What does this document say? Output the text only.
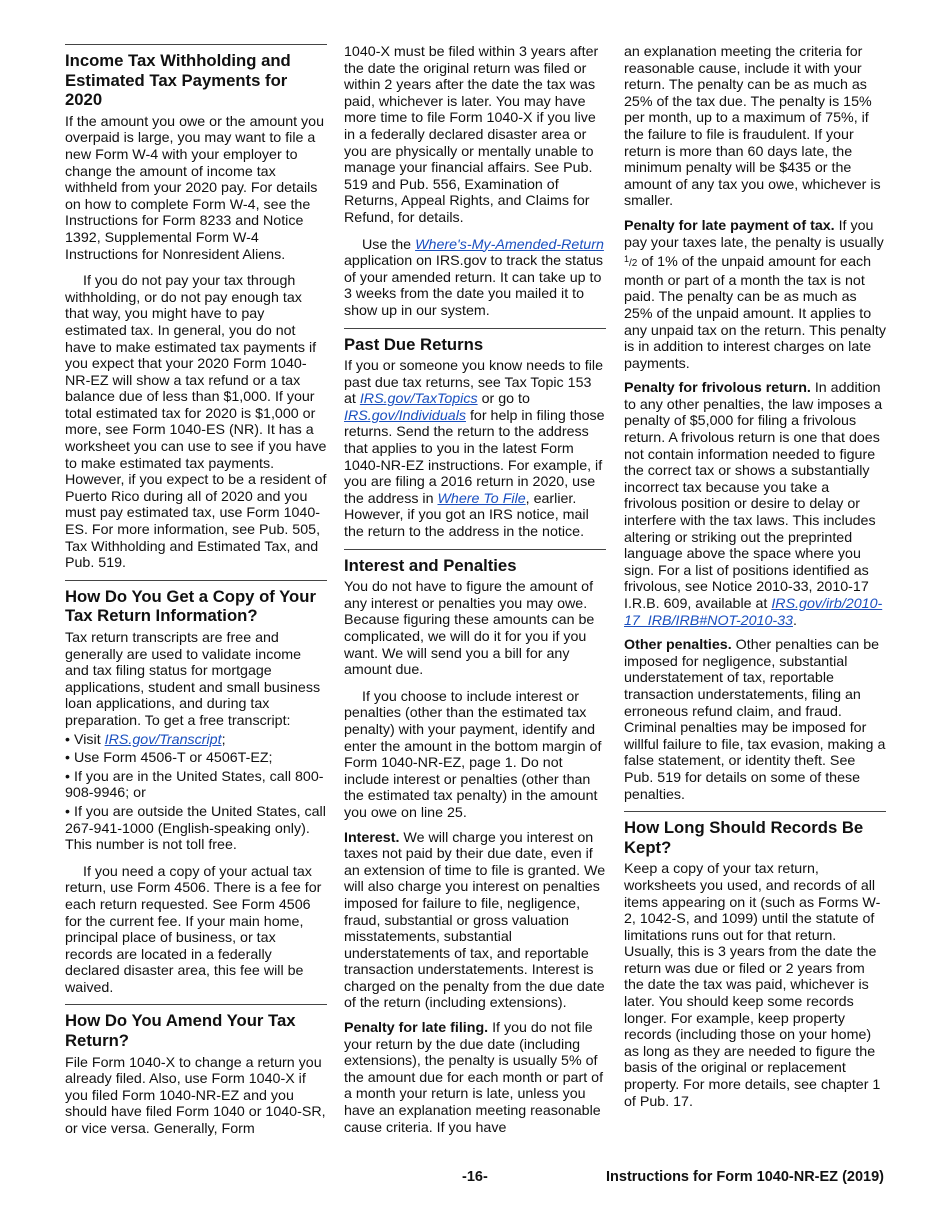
Income Tax Withholding and Estimated Tax Payments for 2020

If the amount you owe or the amount you overpaid is large, you may want to file a new Form W-4 with your employer to change the amount of income tax withheld from your 2020 pay. For details on how to complete Form W-4, see the Instructions for Form 8233 and Notice 1392, Supplemental Form W-4 Instructions for Nonresident Aliens.

If you do not pay your tax through withholding, or do not pay enough tax that way, you might have to pay estimated tax. In general, you do not have to make estimated tax payments if you expect that your 2020 Form 1040-NR-EZ will show a tax refund or a tax balance due of less than $1,000. If your total estimated tax for 2020 is $1,000 or more, see Form 1040-ES (NR). It has a worksheet you can use to see if you have to make estimated tax payments. However, if you expect to be a resident of Puerto Rico during all of 2020 and you must pay estimated tax, use Form 1040-ES. For more information, see Pub. 505, Tax Withholding and Estimated Tax, and Pub. 519.

How Do You Get a Copy of Your Tax Return Information?

Tax return transcripts are free and generally are used to validate income and tax filing status for mortgage applications, student and small business loan applications, and during tax preparation. To get a free transcript:

• Visit IRS.gov/Transcript;
• Use Form 4506-T or 4506T-EZ;
• If you are in the United States, call 800-908-9946; or
• If you are outside the United States, call 267-941-1000 (English-speaking only). This number is not toll free.

If you need a copy of your actual tax return, use Form 4506. There is a fee for each return requested. See Form 4506 for the current fee. If your main home, principal place of business, or tax records are located in a federally declared disaster area, this fee will be waived.

How Do You Amend Your Tax Return?

File Form 1040-X to change a return you already filed. Also, use Form 1040-X if you filed Form 1040-NR-EZ and you should have filed Form 1040 or 1040-SR, or vice versa. Generally, Form

1040-X must be filed within 3 years after the date the original return was filed or within 2 years after the date the tax was paid, whichever is later. You may have more time to file Form 1040-X if you live in a federally declared disaster area or you are physically or mentally unable to manage your financial affairs. See Pub. 519 and Pub. 556, Examination of Returns, Appeal Rights, and Claims for Refund, for details.

Use the Where's-My-Amended-Return application on IRS.gov to track the status of your amended return. It can take up to 3 weeks from the date you mailed it to show up in our system.

Past Due Returns

If you or someone you know needs to file past due tax returns, see Tax Topic 153 at IRS.gov/TaxTopics or go to IRS.gov/Individuals for help in filing those returns. Send the return to the address that applies to you in the latest Form 1040-NR-EZ instructions. For example, if you are filing a 2016 return in 2020, use the address in Where To File, earlier. However, if you got an IRS notice, mail the return to the address in the notice.

Interest and Penalties

You do not have to figure the amount of any interest or penalties you may owe. Because figuring these amounts can be complicated, we will do it for you if you want. We will send you a bill for any amount due.

If you choose to include interest or penalties (other than the estimated tax penalty) with your payment, identify and enter the amount in the bottom margin of Form 1040-NR-EZ, page 1. Do not include interest or penalties (other than the estimated tax penalty) in the amount you owe on line 25.

Interest. We will charge you interest on taxes not paid by their due date, even if an extension of time to file is granted. We will also charge you interest on penalties imposed for failure to file, negligence, fraud, substantial or gross valuation misstatements, substantial understatements of tax, and reportable transaction understatements. Interest is charged on the penalty from the due date of the return (including extensions).

Penalty for late filing. If you do not file your return by the due date (including extensions), the penalty is usually 5% of the amount due for each month or part of a month your return is late, unless you have an explanation meeting reasonable cause criteria. If you have

an explanation meeting the criteria for reasonable cause, include it with your return. The penalty can be as much as 25% of the tax due. The penalty is 15% per month, up to a maximum of 75%, if the failure to file is fraudulent. If your return is more than 60 days late, the minimum penalty will be $435 or the amount of any tax you owe, whichever is smaller.

Penalty for late payment of tax. If you pay your taxes late, the penalty is usually $^1$/2 of 1% of the unpaid amount for each month or part of a month the tax is not paid. The penalty can be as much as 25% of the unpaid amount. It applies to any unpaid tax on the return. This penalty is in addition to interest charges on late payments.

Penalty for frivolous return. In addition to any other penalties, the law imposes a penalty of $5,000 for filing a frivolous return. A frivolous return is one that does not contain information needed to figure the correct tax or shows a substantially incorrect tax because you take a frivolous position or desire to delay or interfere with the tax laws. This includes altering or striking out the preprinted language above the space where you sign. For a list of positions identified as frivolous, see Notice 2010-33, 2010-17 I.R.B. 609, available at IRS.gov/irb/2010-17_IRB/IRB#NOT-2010-33.

Other penalties. Other penalties can be imposed for negligence, substantial understatement of tax, reportable transaction understatements, filing an erroneous refund claim, and fraud. Criminal penalties may be imposed for willful failure to file, tax evasion, making a false statement, or identity theft. See Pub. 519 for details on some of these penalties.

How Long Should Records Be Kept?

Keep a copy of your tax return, worksheets you used, and records of all items appearing on it (such as Forms W-2, 1042-S, and 1099) until the statute of limitations runs out for that return. Usually, this is 3 years from the date the return was due or filed or 2 years from the date the tax was paid, whichever is later. You should keep some records longer. For example, keep property records (including those on your home) as long as they are needed to figure the basis of the original or replacement property. For more details, see chapter 1 of Pub. 17.

-16-	Instructions for Form 1040-NR-EZ (2019)
